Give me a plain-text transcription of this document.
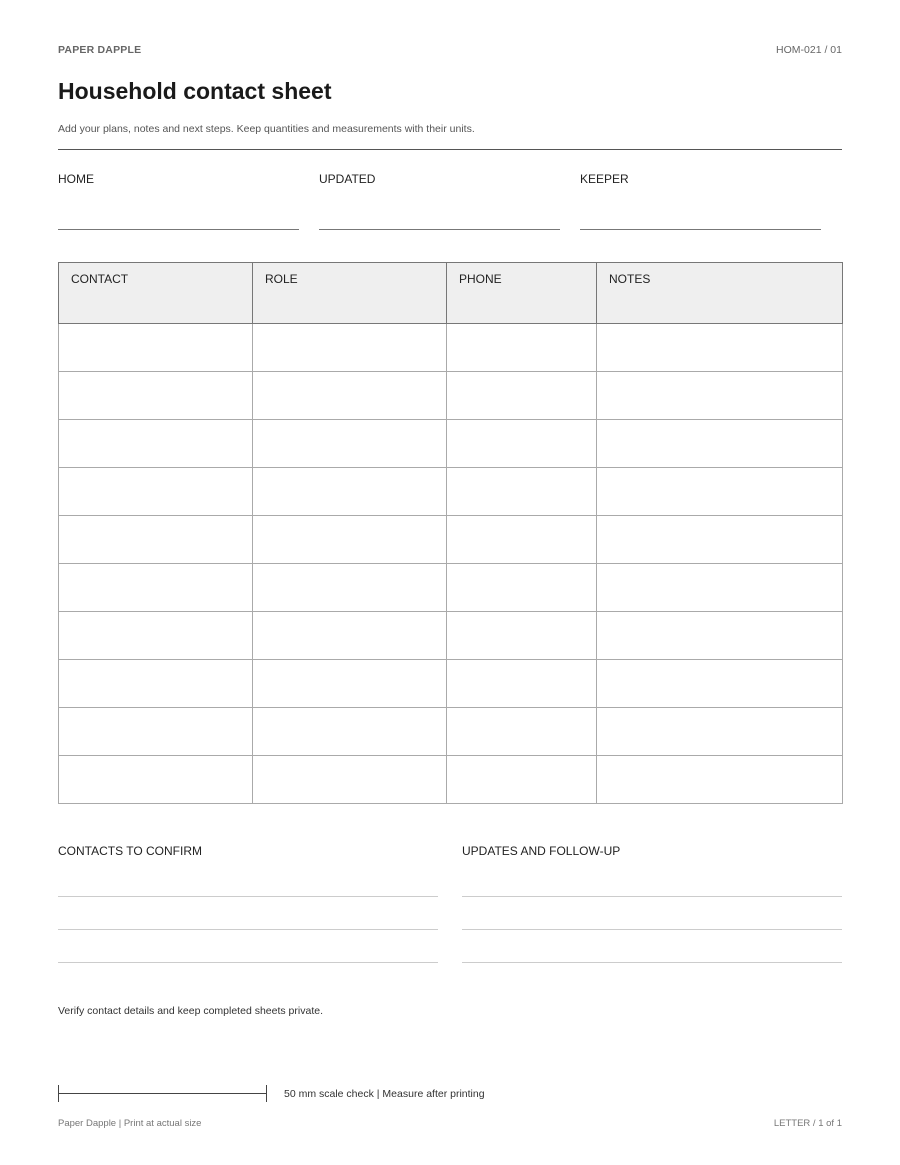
PAPER DAPPLE	HOM-021 / 01
Household contact sheet
Add your plans, notes and next steps. Keep quantities and measurements with their units.
HOME	UPDATED	KEEPER
CONTACT	ROLE	PHONE	NOTES

CONTACTS TO CONFIRM	UPDATES AND FOLLOW-UP
Verify contact details and keep completed sheets private.
50 mm scale check | Measure after printing
Paper Dapple | Print at actual size	LETTER / 1 of 1
